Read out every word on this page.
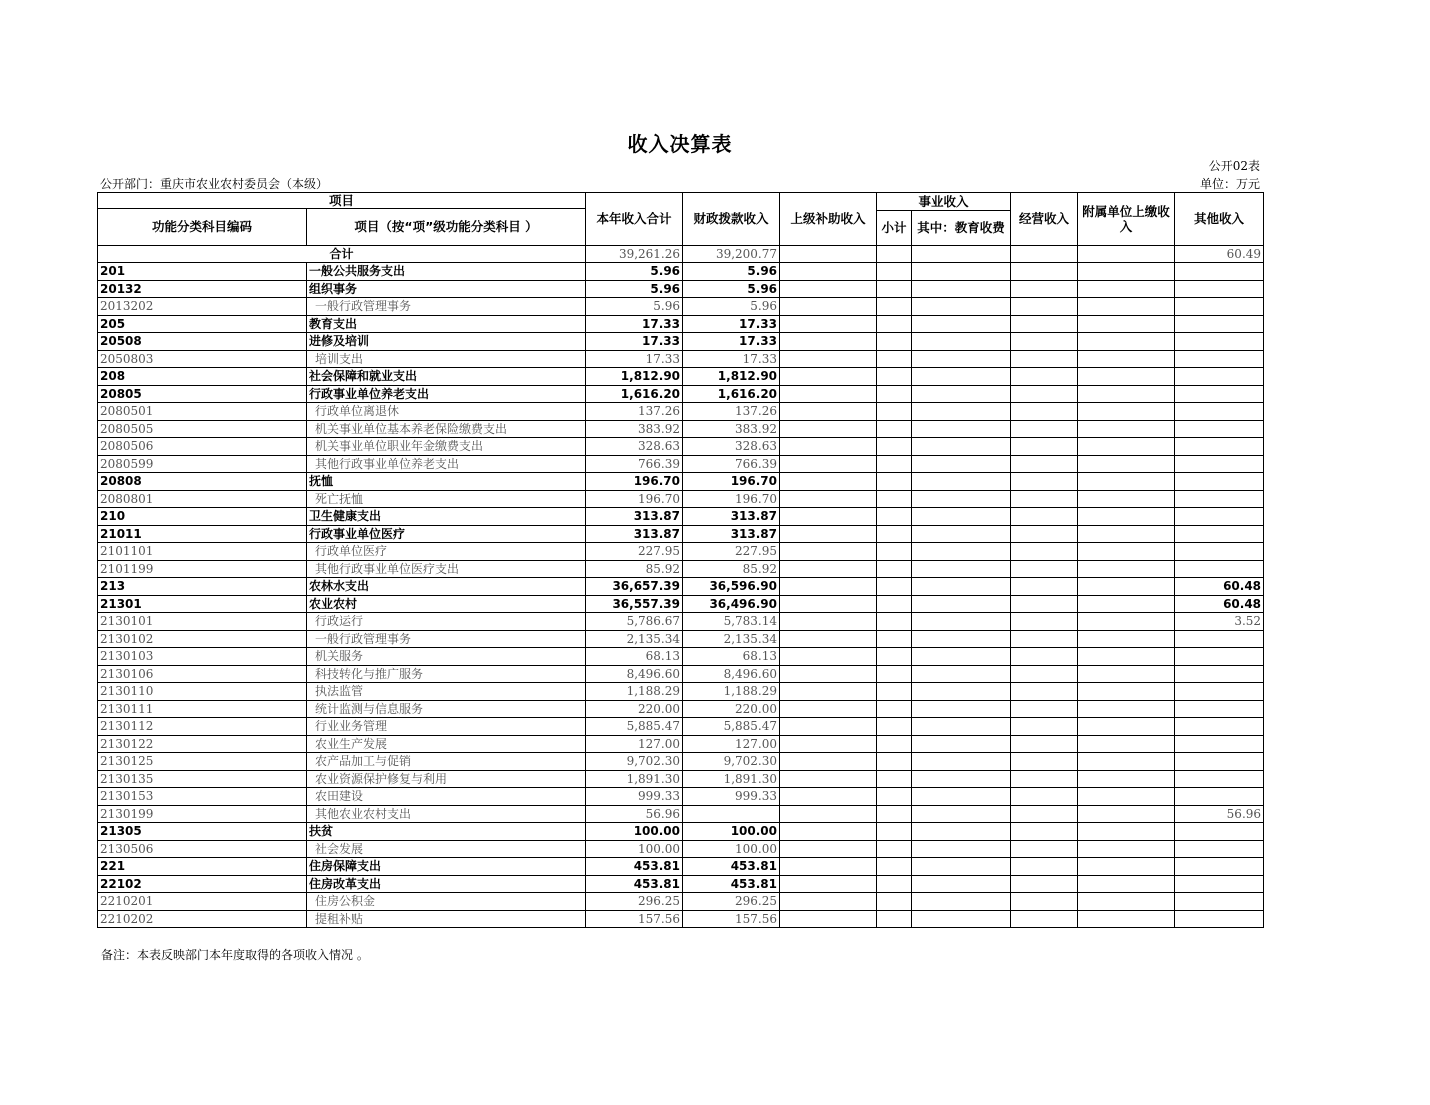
收入决算表
公开02表
公开部门：重庆市农业农村委员会（本级）	单位：万元
项目		本年收入合计	财政拨款收入	上级补助收入	事业收入		经营收入	附属单位上缴收入	其他收入
功能分类科目编码	项目（按“项”级功能分类科目 ）								
					小计	其中：教育收费			
合计		39,261.26	39,200.77						60.49
201	一般公共服务支出	5.96	5.96						
20132	组织事务	5.96	5.96						
2013202	一般行政管理事务	5.96	5.96						
205	教育支出	17.33	17.33						
20508	进修及培训	17.33	17.33						
2050803	培训支出	17.33	17.33						
208	社会保障和就业支出	1,812.90	1,812.90						
20805	行政事业单位养老支出	1,616.20	1,616.20						
2080501	行政单位离退休	137.26	137.26						
2080505	机关事业单位基本养老保险缴费支出	383.92	383.92						
2080506	机关事业单位职业年金缴费支出	328.63	328.63						
2080599	其他行政事业单位养老支出	766.39	766.39						
20808	抚恤	196.70	196.70						
2080801	死亡抚恤	196.70	196.70						
210	卫生健康支出	313.87	313.87						
21011	行政事业单位医疗	313.87	313.87						
2101101	行政单位医疗	227.95	227.95						
2101199	其他行政事业单位医疗支出	85.92	85.92						
213	农林水支出	36,657.39	36,596.90						60.48
21301	农业农村	36,557.39	36,496.90						60.48
2130101	行政运行	5,786.67	5,783.14						3.52
2130102	一般行政管理事务	2,135.34	2,135.34						
2130103	机关服务	68.13	68.13						
2130106	科技转化与推广服务	8,496.60	8,496.60						
2130110	执法监管	1,188.29	1,188.29						
2130111	统计监测与信息服务	220.00	220.00						
2130112	行业业务管理	5,885.47	5,885.47						
2130122	农业生产发展	127.00	127.00						
2130125	农产品加工与促销	9,702.30	9,702.30						
2130135	农业资源保护修复与利用	1,891.30	1,891.30						
2130153	农田建设	999.33	999.33						
2130199	其他农业农村支出	56.96							56.96
21305	扶贫	100.00	100.00						
2130506	社会发展	100.00	100.00						
221	住房保障支出	453.81	453.81						
22102	住房改革支出	453.81	453.81						
2210201	住房公积金	296.25	296.25						
2210202	提租补贴	157.56	157.56						
备注：本表反映部门本年度取得的各项收入情况 。
